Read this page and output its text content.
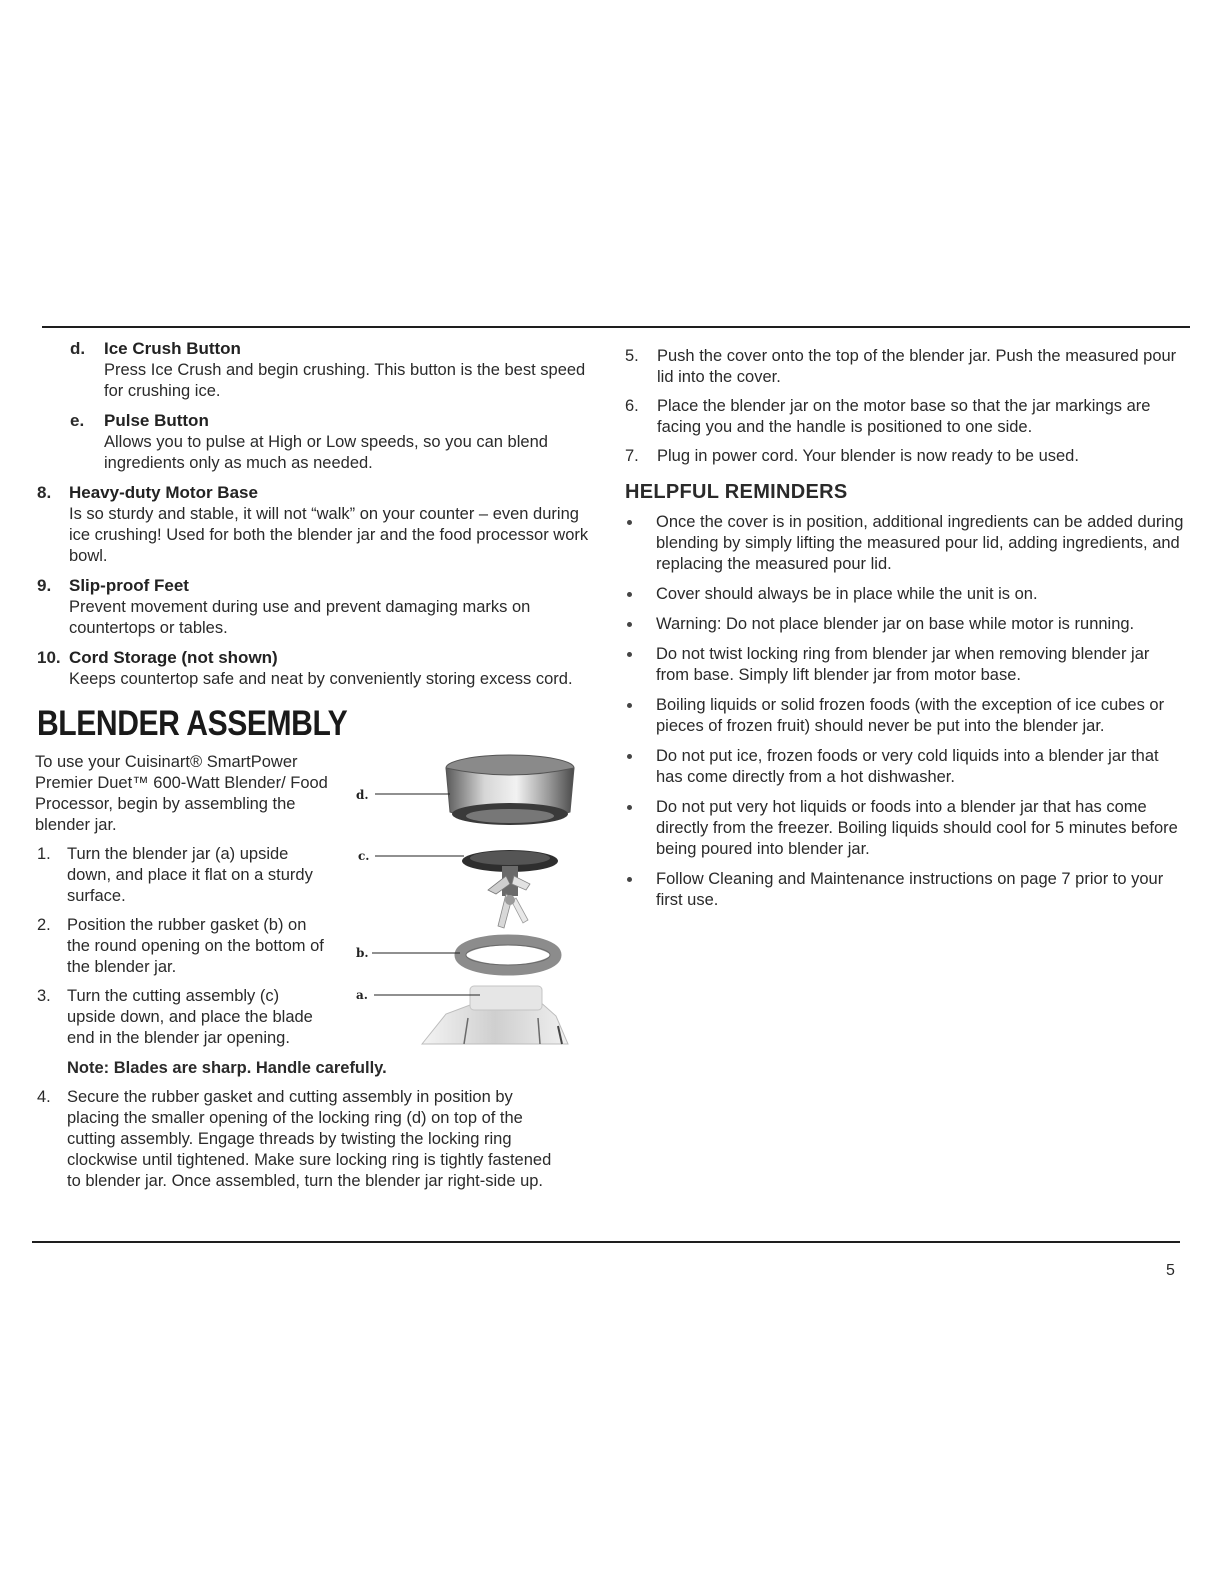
d. Ice Crush Button
Press Ice Crush and begin crushing. This button is the best speed for crushing ice.
e. Pulse Button
Allows you to pulse at High or Low speeds, so you can blend ingredients only as much as needed.
8. Heavy-duty Motor Base
Is so sturdy and stable, it will not “walk” on your counter – even during ice crushing! Used for both the blender jar and the food processor work bowl.
9. Slip-proof Feet
Prevent movement during use and prevent damaging marks on countertops or tables.
10. Cord Storage (not shown)
Keeps countertop safe and neat by conveniently storing excess cord.
BLENDER ASSEMBLY
To use your Cuisinart® SmartPower Premier Duet™ 600-Watt Blender/ Food Processor, begin by assembling the blender jar.
1. Turn the blender jar (a) upside down, and place it flat on a sturdy surface.
2. Position the rubber gasket (b) on the round opening on the bottom of the blender jar.
3. Turn the cutting assembly (c) upside down, and place the blade end in the blender jar opening.
Note: Blades are sharp. Handle carefully.
4. Secure the rubber gasket and cutting assembly in position by placing the smaller opening of the locking ring (d) on top of the cutting assembly. Engage threads by twisting the locking ring clockwise until tightened. Make sure locking ring is tightly fastened to blender jar. Once assembled, turn the blender jar right-side up.
d.
c.
b.
a.
5. Push the cover onto the top of the blender jar. Push the measured pour lid into the cover.
6. Place the blender jar on the motor base so that the jar markings are facing you and the handle is positioned to one side.
7. Plug in power cord. Your blender is now ready to be used.
HELPFUL REMINDERS
Once the cover is in position, additional ingredients can be added during blending by simply lifting the measured pour lid, adding ingredients, and replacing the measured pour lid.
Cover should always be in place while the unit is on.
Warning: Do not place blender jar on base while motor is running.
Do not twist locking ring from blender jar when removing blender jar from base. Simply lift blender jar from motor base.
Boiling liquids or solid frozen foods (with the exception of ice cubes or pieces of frozen fruit) should never be put into the blender jar.
Do not put ice, frozen foods or very cold liquids into a blender jar that has come directly from a hot dishwasher.
Do not put very hot liquids or foods into a blender jar that has come directly from the freezer. Boiling liquids should cool for 5 minutes before being poured into blender jar.
Follow Cleaning and Maintenance instructions on page 7 prior to your first use.
5
